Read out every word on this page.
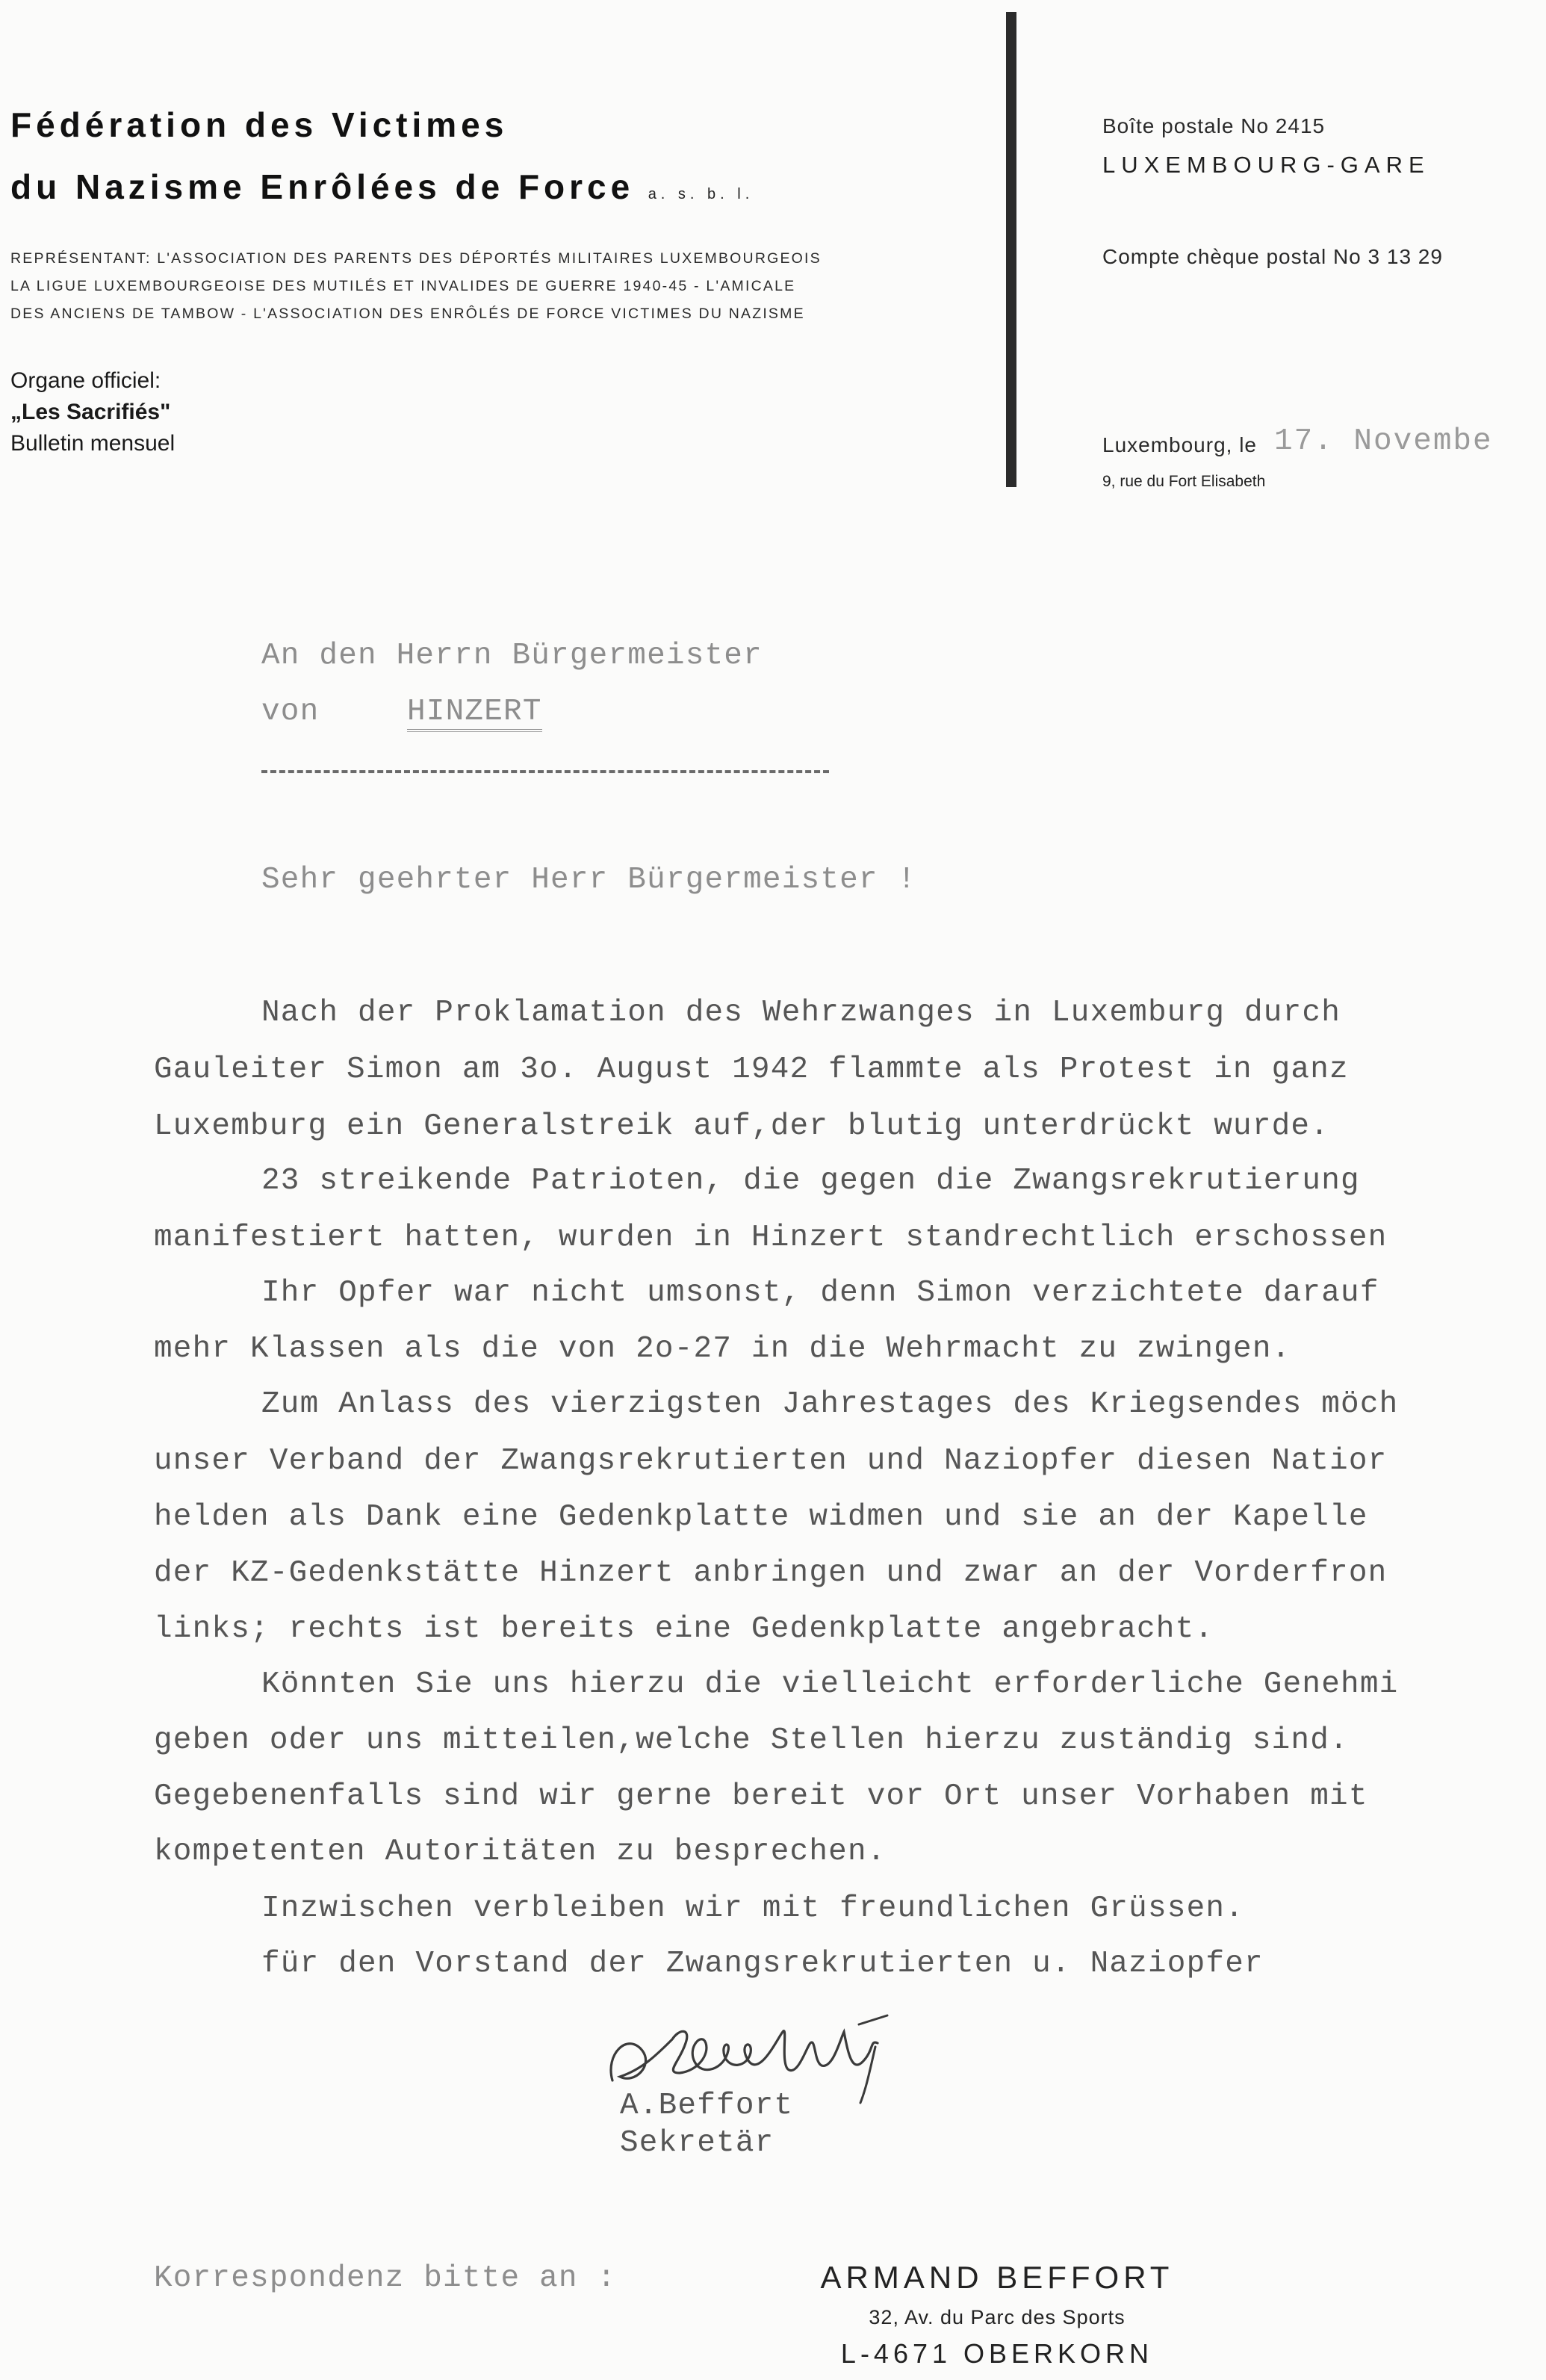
Fédération des Victimes
du Nazisme Enrôlées de Force a. s. b. l.
REPRÉSENTANT: L'ASSOCIATION DES PARENTS DES DÉPORTÉS MILITAIRES LUXEMBOURGEOIS
LA LIGUE LUXEMBOURGEOISE DES MUTILÉS ET INVALIDES DE GUERRE 1940-45 - L'AMICALE
DES ANCIENS DE TAMBOW - L'ASSOCIATION DES ENRÔLÉS DE FORCE VICTIMES DU NAZISME
Organe officiel:
„Les Sacrifiés"
Bulletin mensuel
Boîte postale No 2415
LUXEMBOURG-GARE
Compte chèque postal No 3 13 29
Luxembourg, le 17. Novembe
9, rue du Fort Elisabeth
An den Herrn Bürgermeister
von	HINZERT
Sehr geehrter Herr Bürgermeister !
Nach der Proklamation des Wehrzwanges in Luxemburg durch
Gauleiter Simon am 3o. August 1942 flammte als Protest in ganz
Luxemburg ein Generalstreik auf,der blutig unterdrückt wurde.
23 streikende Patrioten, die gegen die Zwangsrekrutierung
manifestiert hatten, wurden in Hinzert standrechtlich erschossen
Ihr Opfer war nicht umsonst, denn Simon verzichtete darauf
mehr Klassen als die von 2o-27 in die Wehrmacht zu zwingen.
Zum Anlass des vierzigsten Jahrestages des Kriegsendes möch
unser Verband der Zwangsrekrutierten und Naziopfer diesen Natior
helden als Dank eine Gedenkplatte widmen und sie an der Kapelle
der KZ-Gedenkstätte Hinzert anbringen und zwar an der Vorderfron
links; rechts ist bereits eine Gedenkplatte angebracht.
Könnten Sie uns hierzu die vielleicht erforderliche Genehmi
geben oder uns mitteilen,welche Stellen hierzu zuständig sind.
Gegebenenfalls sind wir gerne bereit vor Ort unser Vorhaben mit
kompetenten Autoritäten zu besprechen.
Inzwischen verbleiben wir mit freundlichen Grüssen.
für den Vorstand der Zwangsrekrutierten u. Naziopfer
A.Beffort
Sekretär
Korrespondenz bitte an :	ARMAND BEFFORT
32, Av. du Parc des Sports
L-4671 OBERKORN
